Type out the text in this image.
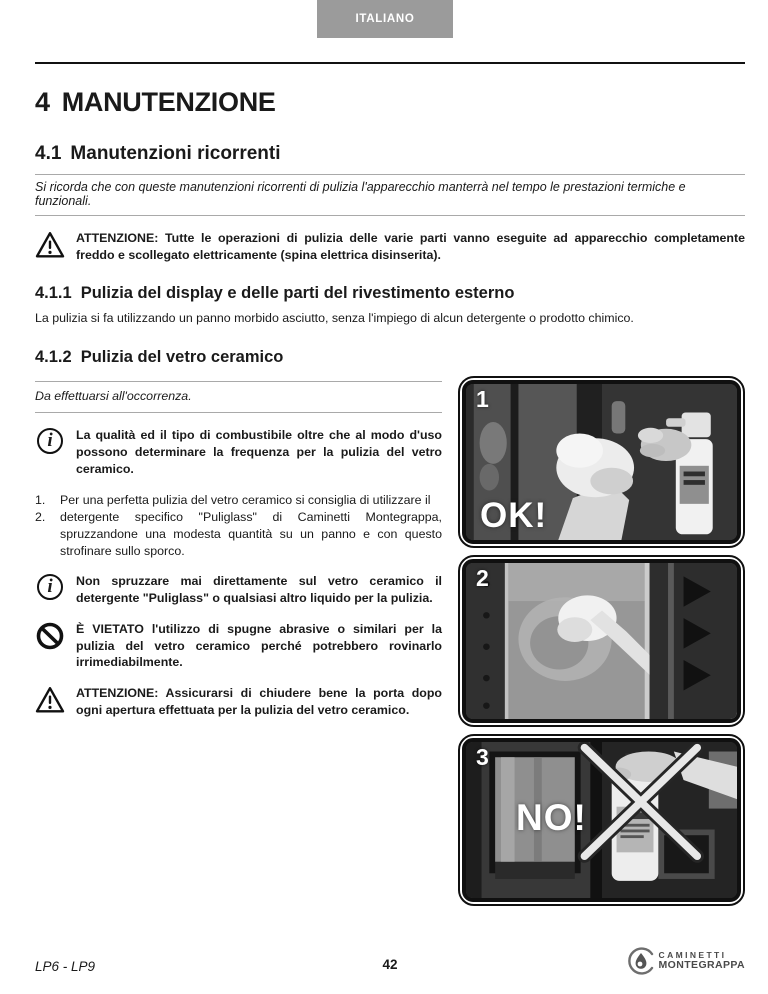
ITALIANO
4 MANUTENZIONE
4.1 Manutenzioni ricorrenti

Si ricorda che con queste manutenzioni ricorrenti di pulizia l'apparecchio manterrà nel tempo le prestazioni termiche e funzionali.

ATTENZIONE: Tutte le operazioni di pulizia delle varie parti vanno eseguite ad apparecchio completamente freddo e scollegato elettricamente (spina elettrica disinserita).

4.1.1 Pulizia del display e delle parti del rivestimento esterno

La pulizia si fa utilizzando un panno morbido asciutto, senza l'impiego di alcun detergente o prodotto chimico.

4.1.2 Pulizia del vetro ceramico

Da effettuarsi all'occorrenza.

i	La qualità ed il tipo di combustibile oltre che al modo d'uso possono determinare la frequenza per la pulizia del vetro ceramico.

1.	Per una perfetta pulizia del vetro ceramico si consiglia di utilizzare il
2.	detergente specifico "Puliglass" di Caminetti Montegrappa, spruzzandone una modesta quantità su un panno e con questo strofinare sullo sporco.
i	Non spruzzare mai direttamente sul vetro ceramico il detergente "Puliglass" o qualsiasi altro liquido per la pulizia.

È VIETATO l'utilizzo di spugne abrasive o similari per la pulizia del vetro ceramico perché potrebbero rovinarlo irrimediabilmente.

ATTENZIONE: Assicurarsi di chiudere bene la porta dopo ogni apertura effettuata per la pulizia del vetro ceramico.

1
OK!
2
3
NO!
LP6 - LP9	42
CAMINETTI
MONTEGRAPPA
